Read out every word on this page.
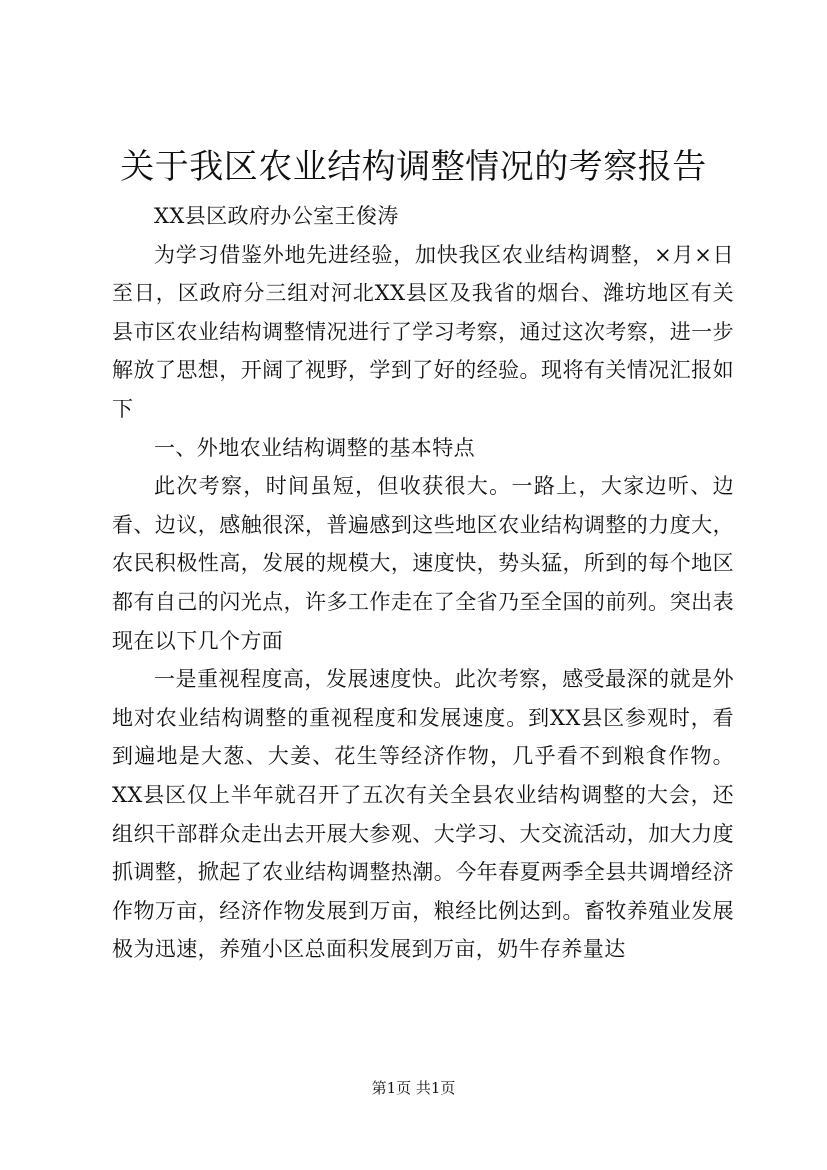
关于我区农业结构调整情况的考察报告

XX县区政府办公室王俊涛

为学习借鉴外地先进经验，加快我区农业结构调整，×月×日至日，区政府分三组对河北XX县区及我省的烟台、潍坊地区有关县市区农业结构调整情况进行了学习考察，通过这次考察，进一步解放了思想，开阔了视野，学到了好的经验。现将有关情况汇报如下

一、外地农业结构调整的基本特点

此次考察，时间虽短，但收获很大。一路上，大家边听、边看、边议，感触很深，普遍感到这些地区农业结构调整的力度大，农民积极性高，发展的规模大，速度快，势头猛，所到的每个地区都有自己的闪光点，许多工作走在了全省乃至全国的前列。突出表现在以下几个方面

一是重视程度高，发展速度快。此次考察，感受最深的就是外地对农业结构调整的重视程度和发展速度。到XX县区参观时，看到遍地是大葱、大姜、花生等经济作物，几乎看不到粮食作物。XX县区仅上半年就召开了五次有关全县农业结构调整的大会，还组织干部群众走出去开展大参观、大学习、大交流活动，加大力度抓调整，掀起了农业结构调整热潮。今年春夏两季全县共调增经济作物万亩，经济作物发展到万亩，粮经比例达到。畜牧养殖业发展极为迅速，养殖小区总面积发展到万亩，奶牛存养量达

第1页 共1页
